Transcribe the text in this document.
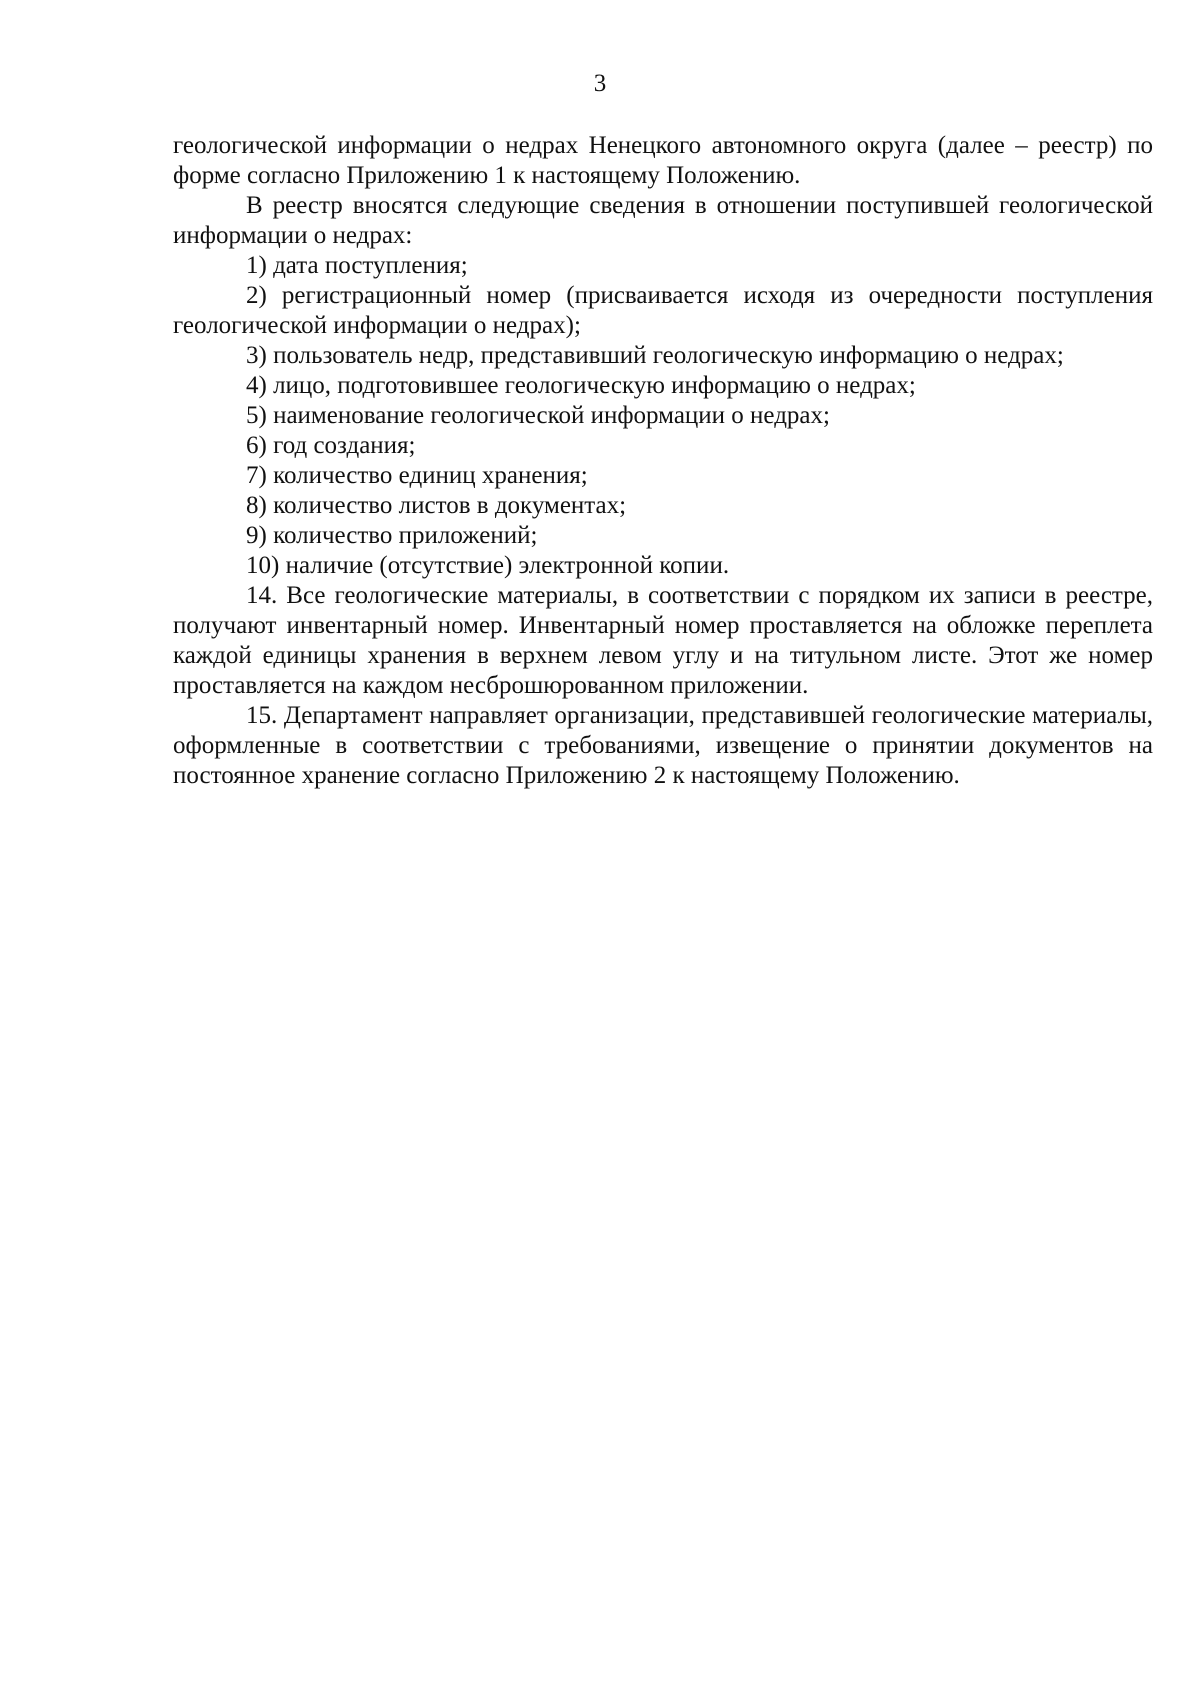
3

геологической информации о недрах Ненецкого автономного округа (далее – реестр) по форме согласно Приложению 1 к настоящему Положению.

В реестр вносятся следующие сведения в отношении поступившей геологической информации о недрах:

1) дата поступления;

2) регистрационный номер (присваивается исходя из очередности поступления геологической информации о недрах);

3) пользователь недр, представивший геологическую информацию о недрах;

4) лицо, подготовившее геологическую информацию о недрах;

5) наименование геологической информации о недрах;

6) год создания;

7) количество единиц хранения;

8) количество листов в документах;

9) количество приложений;

10) наличие (отсутствие) электронной копии.

14. Все геологические материалы, в соответствии с порядком их записи в реестре, получают инвентарный номер. Инвентарный номер проставляется на обложке переплета каждой единицы хранения в верхнем левом углу и на титульном листе. Этот же номер проставляется на каждом несброшюрованном приложении.

15. Департамент направляет организации, представившей геологические материалы, оформленные в соответствии с требованиями, извещение о принятии документов на постоянное хранение согласно Приложению 2 к настоящему Положению.
